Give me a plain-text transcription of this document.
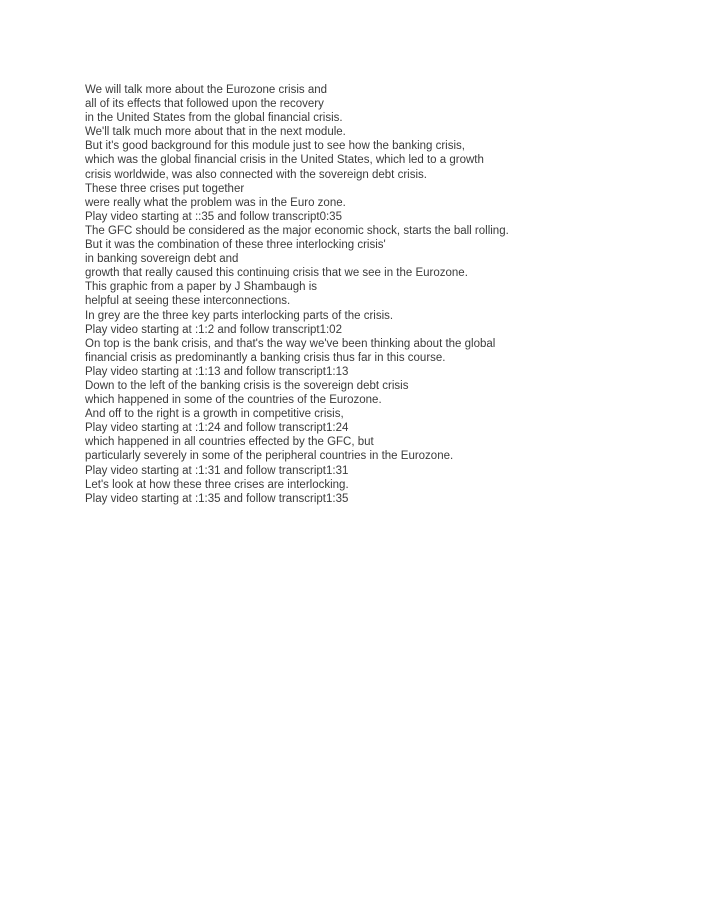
We will talk more about the Eurozone crisis and
all of its effects that followed upon the recovery
in the United States from the global financial crisis.
We'll talk much more about that in the next module.
But it's good background for this module just to see how the banking crisis,
which was the global financial crisis in the United States, which led to a growth
crisis worldwide, was also connected with the sovereign debt crisis.
These three crises put together
were really what the problem was in the Euro zone.
Play video starting at ::35 and follow transcript0:35
The GFC should be considered as the major economic shock, starts the ball rolling.
But it was the combination of these three interlocking crisis'
in banking sovereign debt and
growth that really caused this continuing crisis that we see in the Eurozone.
This graphic from a paper by J Shambaugh is
helpful at seeing these interconnections.
In grey are the three key parts interlocking parts of the crisis.
Play video starting at :1:2 and follow transcript1:02
On top is the bank crisis, and that's the way we've been thinking about the global
financial crisis as predominantly a banking crisis thus far in this course.
Play video starting at :1:13 and follow transcript1:13
Down to the left of the banking crisis is the sovereign debt crisis
which happened in some of the countries of the Eurozone.
And off to the right is a growth in competitive crisis,
Play video starting at :1:24 and follow transcript1:24
which happened in all countries effected by the GFC, but
particularly severely in some of the peripheral countries in the Eurozone.
Play video starting at :1:31 and follow transcript1:31
Let's look at how these three crises are interlocking.
Play video starting at :1:35 and follow transcript1:35
